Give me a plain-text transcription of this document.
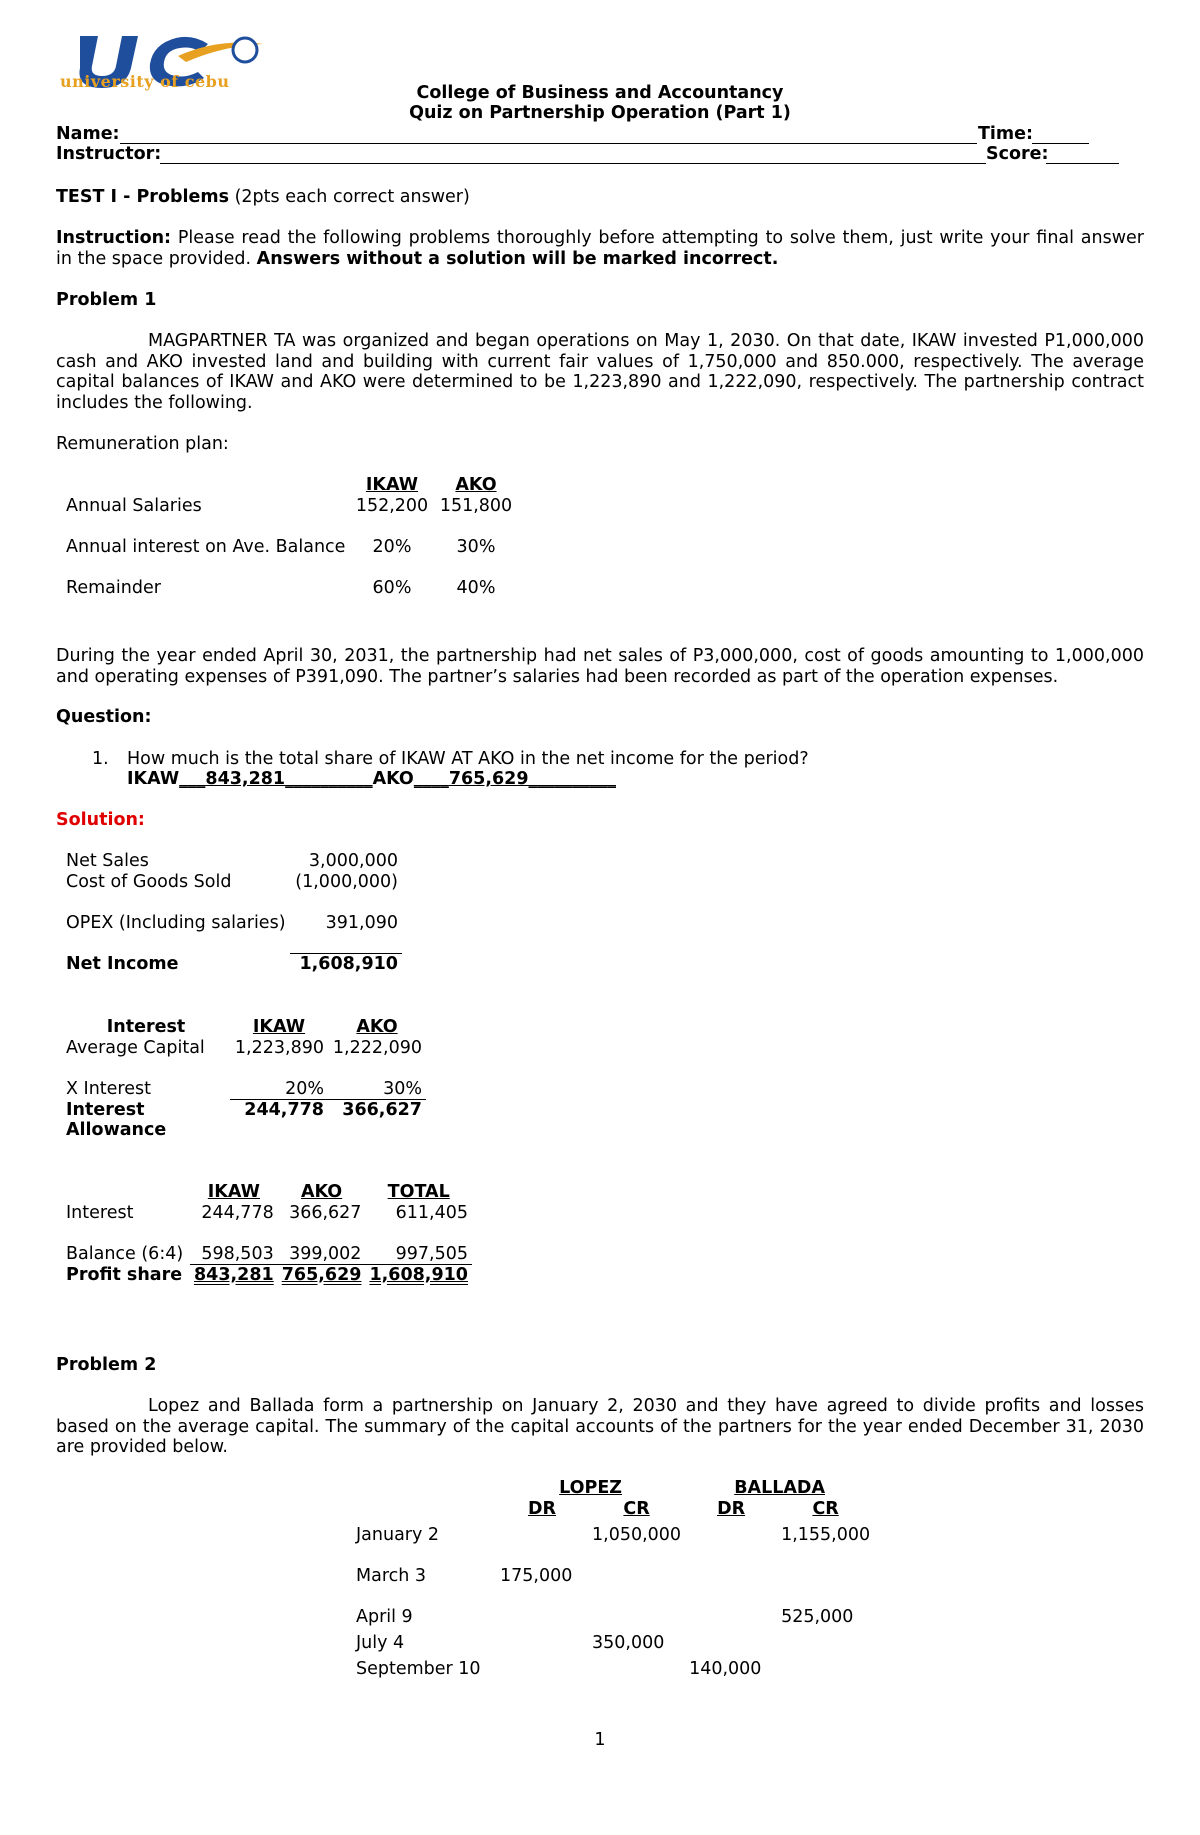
university of cebu
College of Business and Accountancy
Quiz on Partnership Operation (Part 1)
Name:	Time:
Instructor:	Score:
TEST I - Problems (2pts each correct answer)
Instruction: Please read the following problems thoroughly before attempting to solve them, just write your final answer in the space provided. Answers without a solution will be marked incorrect.
Problem 1
MAGPARTNER TA was organized and began operations on May 1, 2030. On that date, IKAW invested P1,000,000 cash and AKO invested land and building with current fair values of 1,750,000 and 850.000, respectively. The average capital balances of IKAW and AKO were determined to be 1,223,890 and 1,222,090, respectively. The partnership contract includes the following.
Remuneration plan:
	IKAW	AKO
Annual Salaries	152,200	151,800
Annual interest on Ave. Balance	20%	30%
Remainder	60%	40%
During the year ended April 30, 2031, the partnership had net sales of P3,000,000, cost of goods amounting to 1,000,000 and operating expenses of P391,090. The partner’s salaries had been recorded as part of the operation expenses.
Question:
1. How much is the total share of IKAW AT AKO in the net income for the period?
IKAW___843,281__________AKO____765,629__________
Solution:
Net Sales	3,000,000
Cost of Goods Sold	(1,000,000)
OPEX (Including salaries)	391,090
Net Income	1,608,910
Interest	IKAW	AKO
Average Capital	1,223,890	1,222,090
X Interest	20%	30%
Interest Allowance	244,778	366,627
	IKAW	AKO	TOTAL
Interest	244,778	366,627	611,405
Balance (6:4)	598,503	399,002	997,505
Profit share	843,281	765,629	1,608,910
Problem 2
Lopez and Ballada form a partnership on January 2, 2030 and they have agreed to divide profits and losses based on the average capital. The summary of the capital accounts of the partners for the year ended December 31, 2030 are provided below.
	LOPEZ		BALLADA	
	DR	CR	DR	CR
January 2		1,050,000		1,155,000
March 3	175,000			
April 9				525,000
July 4		350,000		
September 10			140,000	
1
